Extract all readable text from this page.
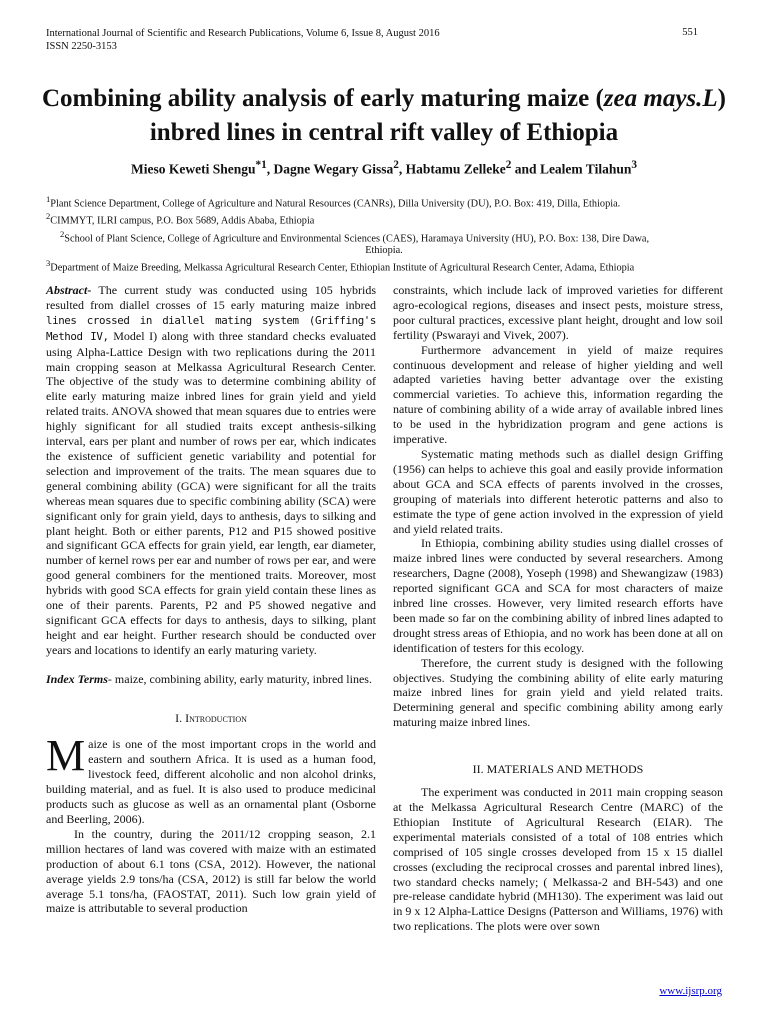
International Journal of Scientific and Research Publications, Volume 6, Issue 8, August 2016
ISSN 2250-3153
551
Combining ability analysis of early maturing maize (zea mays.L) inbred lines in central rift valley of Ethiopia
Mieso Keweti Shengu$^{*1}$, Dagne Wegary Gissa$^2$, Habtamu Zelleke$^2$ and Lealem Tilahun$^3$

$^1$Plant Science Department, College of Agriculture and Natural Resources (CANRs), Dilla University (DU), P.O. Box: 419, Dilla, Ethiopia.

$^2$CIMMYT, ILRI campus, P.O. Box 5689, Addis Ababa, Ethiopia

$^2$School of Plant Science, College of Agriculture and Environmental Sciences (CAES), Haramaya University (HU), P.O. Box: 138, Dire Dawa,

Ethiopia.

$^3$Department of Maize Breeding, Melkassa Agricultural Research Center, Ethiopian Institute of Agricultural Research Center, Adama, Ethiopia

Abstract- The current study was conducted using 105 hybrids resulted from diallel crosses of 15 early maturing maize inbred lines crossed in diallel mating system (Griffing's Method IV, Model I) along with three standard checks evaluated using Alpha-Lattice Design with two replications during the 2011 main cropping season at Melkassa Agricultural Research Center. The objective of the study was to determine combining ability of elite early maturing maize inbred lines for grain yield and yield related traits. ANOVA showed that mean squares due to entries were highly significant for all studied traits except anthesis-silking interval, ears per plant and number of rows per ear, which indicates the existence of sufficient genetic variability and potential for selection and improvement of the traits. The mean squares due to general combining ability (GCA) were significant for all the traits whereas mean squares due to specific combining ability (SCA) were significant only for grain yield, days to anthesis, days to silking and plant height. Both or either parents, P12 and P15 showed positive and significant GCA effects for grain yield, ear length, ear diameter, number of kernel rows per ear and number of rows per ear, and were good general combiners for the mentioned traits. Moreover, most hybrids with good SCA effects for grain yield contain these lines as one of their parents. Parents, P2 and P5 showed negative and significant GCA effects for days to anthesis, days to silking, plant height and ear height. Further research should be conducted over years and locations to identify an early maturing variety.

Index Terms- maize, combining ability, early maturity, inbred lines.

I. Introduction

Maize is one of the most important crops in the world and eastern and southern Africa. It is used as a human food, livestock feed, different alcoholic and non alcohol drinks, building material, and as fuel. It is also used to produce medicinal products such as glucose as well as an ornamental plant (Osborne and Beerling, 2006).

In the country, during the 2011/12 cropping season, 2.1 million hectares of land was covered with maize with an estimated production of about 6.1 tons (CSA, 2012). However, the national average yields 2.9 tons/ha (CSA, 2012) is still far below the world average 5.1 tons/ha, (FAOSTAT, 2011). Such low grain yield of maize is attributable to several production

constraints, which include lack of improved varieties for different agro-ecological regions, diseases and insect pests, moisture stress, poor cultural practices, excessive plant height, drought and low soil fertility (Pswarayi and Vivek, 2007).

Furthermore advancement in yield of maize requires continuous development and release of higher yielding and well adapted varieties having better advantage over the existing commercial varieties. To achieve this, information regarding the nature of combining ability of a wide array of available inbred lines to be used in the hybridization program and gene actions is imperative.

Systematic mating methods such as diallel design Griffing (1956) can helps to achieve this goal and easily provide information about GCA and SCA effects of parents involved in the crosses, grouping of materials into different heterotic patterns and also to estimate the type of gene action involved in the expression of yield and yield related traits.

In Ethiopia, combining ability studies using diallel crosses of maize inbred lines were conducted by several researchers. Among researchers, Dagne (2008), Yoseph (1998) and Shewangizaw (1983) reported significant GCA and SCA for most characters of maize inbred line crosses. However, very limited research efforts have been made so far on the combining ability of inbred lines adapted to drought stress areas of Ethiopia, and no work has been done at all on identification of testers for this ecology.

Therefore, the current study is designed with the following objectives. Studying the combining ability of elite early maturing maize inbred lines for grain yield and yield related traits. Determining general and specific combining ability among early maturing maize inbred lines.

II. MATERIALS AND METHODS

The experiment was conducted in 2011 main cropping season at the Melkassa Agricultural Research Centre (MARC) of the Ethiopian Institute of Agricultural Research (EIAR). The experimental materials consisted of a total of 108 entries which comprised of 105 single crosses developed from 15 x 15 diallel crosses (excluding the reciprocal crosses and parental inbred lines), two standard checks namely; ( Melkassa-2 and BH-543) and one pre-release candidate hybrid (MH130). The experiment was laid out in 9 x 12 Alpha-Lattice Designs (Patterson and Williams, 1976) with two replications. The plots were over sown

www.ijsrp.org
